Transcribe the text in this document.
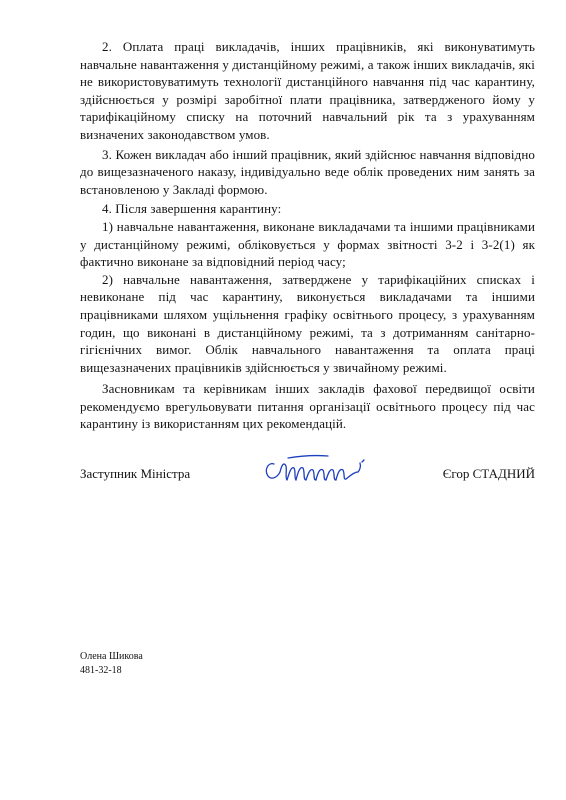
2. Оплата праці викладачів, інших працівників, які виконуватимуть навчальне навантаження у дистанційному режимі, а також інших викладачів, які не використовуватимуть технології дистанційного навчання під час карантину, здійснюється у розмірі заробітної плати працівника, затвердженого йому у тарифікаційному списку на поточний навчальний рік та з урахуванням визначених законодавством умов.

3. Кожен викладач або інший працівник, який здійснює навчання відповідно до вищезазначеного наказу, індивідуально веде облік проведених ним занять за встановленою у Закладі формою.

4. Після завершення карантину:

1) навчальне навантаження, виконане викладачами та іншими працівниками у дистанційному режимі, обліковується у формах звітності 3-2 і 3-2(1) як фактично виконане за відповідний період часу;

2) навчальне навантаження, затверджене у тарифікаційних списках і невиконане під час карантину, виконується викладачами та іншими працівниками шляхом ущільнення графіку освітнього процесу, з урахуванням годин, що виконані в дистанційному режимі, та з дотриманням санітарно-гігієнічних вимог. Облік навчального навантаження та оплата праці вищезазначених працівників здійснюється у звичайному режимі.

Засновникам та керівникам інших закладів фахової передвищої освіти рекомендуємо врегульовувати питання організації освітнього процесу під час карантину із використанням цих рекомендацій.

Заступник Міністра	Єгор СТАДНИЙ
Олена Шикова
481-32-18
